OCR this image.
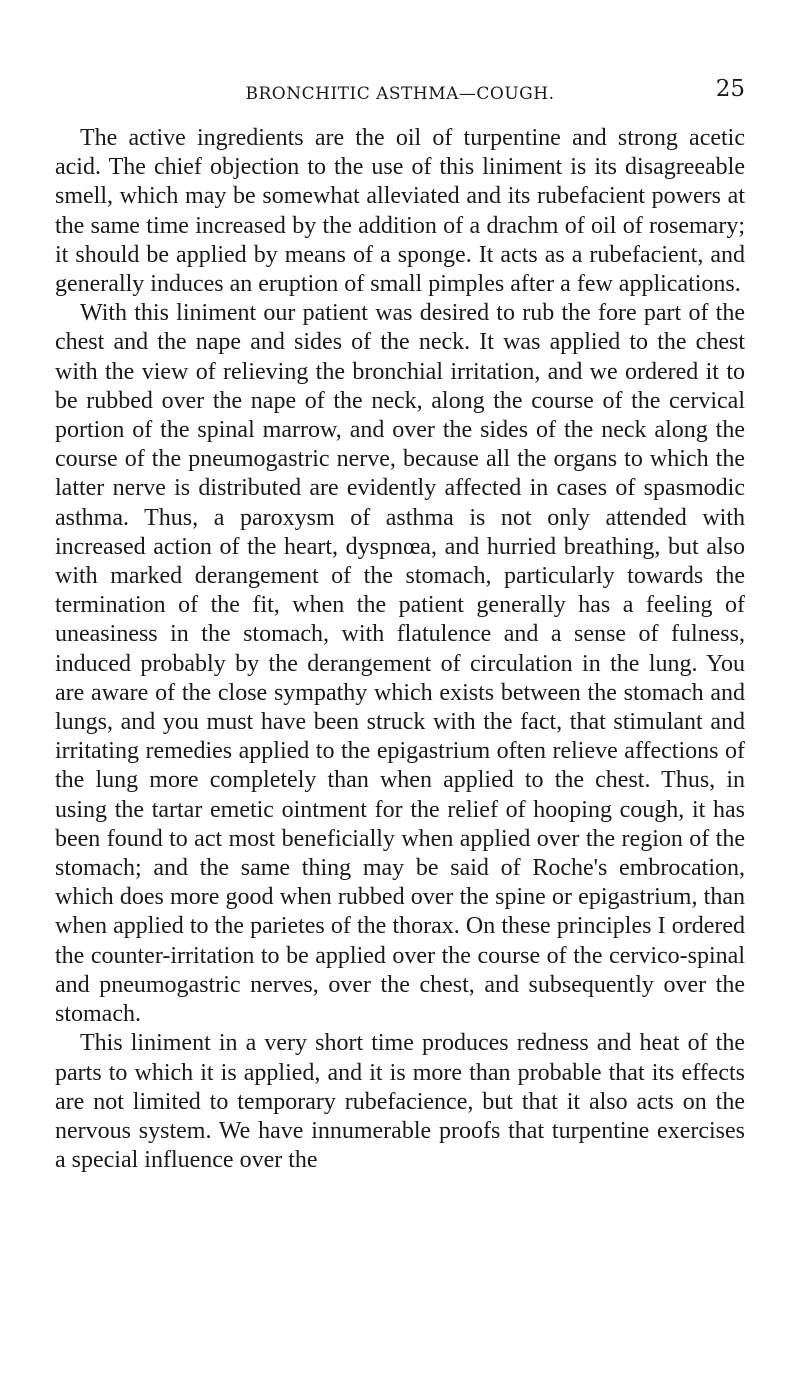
BRONCHITIC ASTHMA—COUGH.	25

The active ingredients are the oil of turpentine and strong acetic acid. The chief objection to the use of this liniment is its disagreeable smell, which may be somewhat alleviated and its rubefacient powers at the same time increased by the addition of a drachm of oil of rosemary; it should be applied by means of a sponge. It acts as a rubefacient, and generally induces an eruption of small pimples after a few applications.

With this liniment our patient was desired to rub the fore part of the chest and the nape and sides of the neck. It was applied to the chest with the view of relieving the bronchial irritation, and we ordered it to be rubbed over the nape of the neck, along the course of the cervical portion of the spinal marrow, and over the sides of the neck along the course of the pneumogastric nerve, because all the organs to which the latter nerve is distributed are evidently affected in cases of spasmodic asthma. Thus, a paroxysm of asthma is not only attended with increased action of the heart, dyspnœa, and hurried breathing, but also with marked derangement of the stomach, particularly towards the termination of the fit, when the patient generally has a feeling of uneasiness in the stomach, with flatulence and a sense of fulness, induced probably by the derangement of circulation in the lung. You are aware of the close sympathy which exists between the stomach and lungs, and you must have been struck with the fact, that stimulant and irritating remedies applied to the epigastrium often relieve affections of the lung more completely than when applied to the chest. Thus, in using the tartar emetic ointment for the relief of hooping cough, it has been found to act most beneficially when applied over the region of the stomach; and the same thing may be said of Roche's embrocation, which does more good when rubbed over the spine or epigastrium, than when applied to the parietes of the thorax. On these principles I ordered the counter-irritation to be applied over the course of the cervico-spinal and pneumogastric nerves, over the chest, and subsequently over the stomach.

This liniment in a very short time produces redness and heat of the parts to which it is applied, and it is more than probable that its effects are not limited to temporary rubefacience, but that it also acts on the nervous system. We have innumerable proofs that turpentine exercises a special influence over the
